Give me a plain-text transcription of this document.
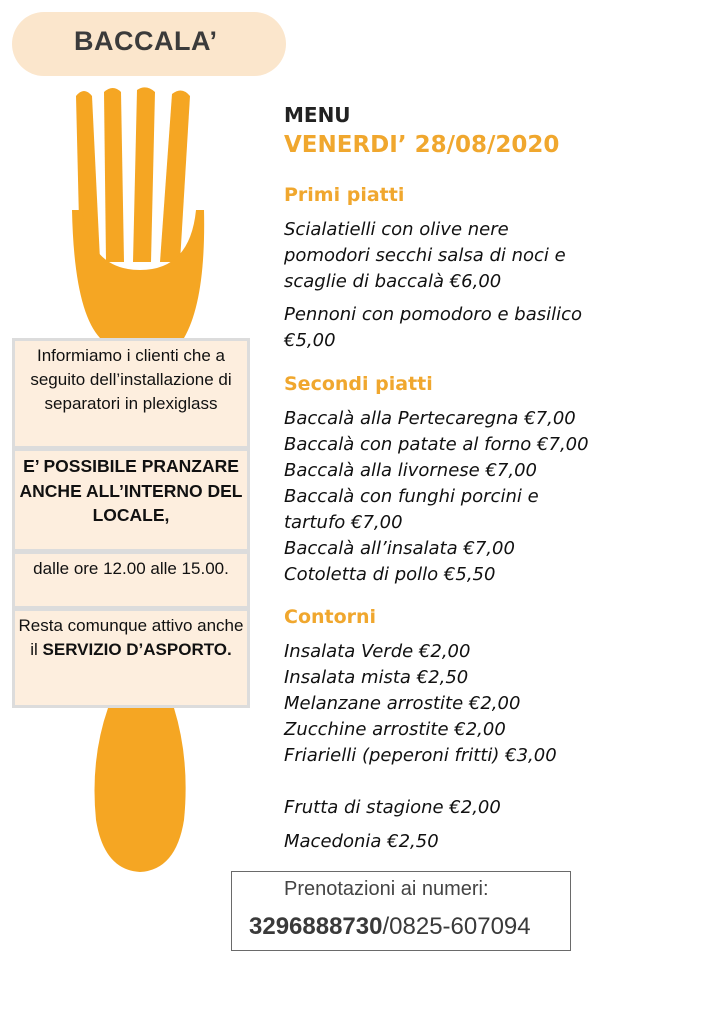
BACCALA’

Informiamo i clienti che a seguito dell’installazione di separatori in plexiglass

E’ POSSIBILE PRANZARE ANCHE ALL’INTERNO DEL LOCALE,

dalle ore 12.00 alle 15.00.

Resta comunque attivo anche il SERVIZIO D’ASPORTO.

MENU
VENERDI’ 28/08/2020
Primi piatti
Scialatielli con olive nere
pomodori secchi salsa di noci e
scaglie di baccalà €6,00
Pennoni con pomodoro e basilico
€5,00
Secondi piatti
Baccalà alla Pertecaregna €7,00
Baccalà con patate al forno €7,00
Baccalà alla livornese €7,00
Baccalà con funghi porcini e
tartufo €7,00
Baccalà all’insalata €7,00
Cotoletta di pollo €5,50
Contorni
Insalata Verde €2,00
Insalata mista €2,50
Melanzane arrostite €2,00
Zucchine arrostite €2,00
Friarielli (peperoni fritti) €3,00
Frutta di stagione €2,00
Macedonia €2,50
Prenotazioni ai numeri:
3296888730/0825-607094
